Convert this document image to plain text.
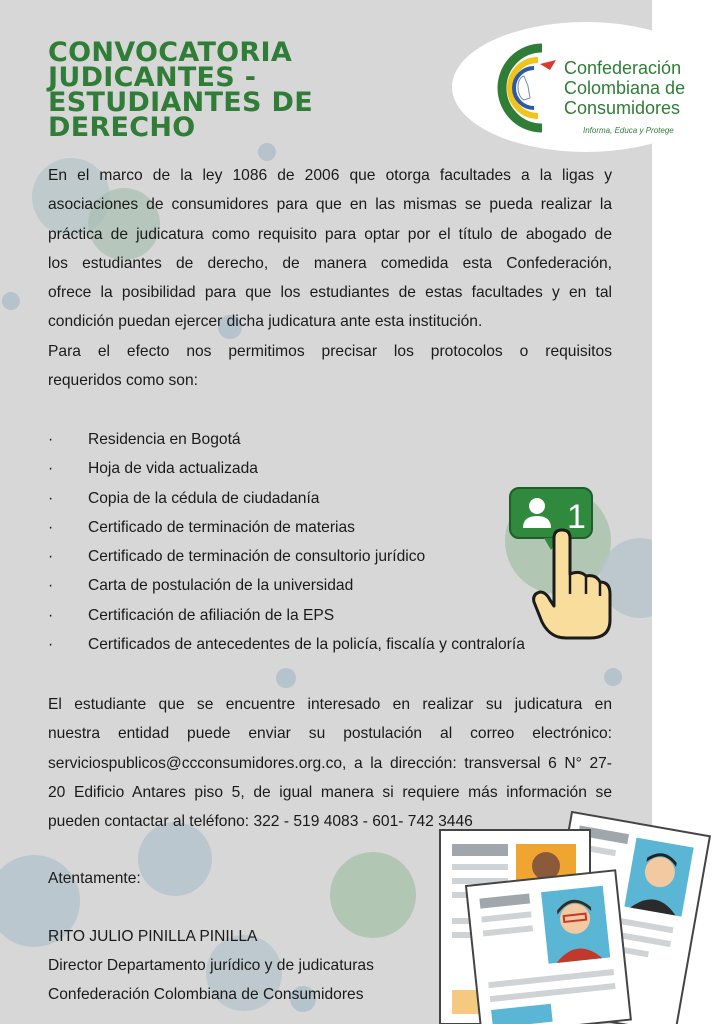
Confederación
Colombiana de
Consumidores
Informa, Educa y Protege
CONVOCATORIA
JUDICANTES -
ESTUDIANTES DE
DERECHO

En el marco de la ley 1086 de 2006 que otorga facultades a la ligas y
asociaciones de consumidores para que en las mismas se pueda realizar la
práctica de judicatura como requisito para optar por el título de abogado de
los estudiantes de derecho, de manera comedida esta Confederación,
ofrece la posibilidad para que los estudiantes de estas facultades y en tal
condición puedan ejercer dicha judicatura ante esta institución.

Para el efecto nos permitimos precisar los protocolos o requisitos
requeridos como son:

· Residencia en Bogotá
· Hoja de vida actualizada
· Copia de la cédula de ciudadanía
· Certificado de terminación de materias
· Certificado de terminación de consultorio jurídico
· Carta de postulación de la universidad
· Certificación de afiliación de la EPS
· Certificados de antecedentes de la policía, fiscalía y contraloría
1

El estudiante que se encuentre interesado en realizar su judicatura en
nuestra entidad puede enviar su postulación al correo electrónico:
serviciospublicos@ccconsumidores.org.co, a la dirección: transversal 6 N° 27-
20 Edificio Antares piso 5, de igual manera si requiere más información se
pueden contactar al teléfono: 322 - 519 4083 - 601- 742 3446

Atentamente:
RITO JULIO PINILLA PINILLA
Director Departamento jurídico y de judicaturas
Confederación Colombiana de Consumidores
